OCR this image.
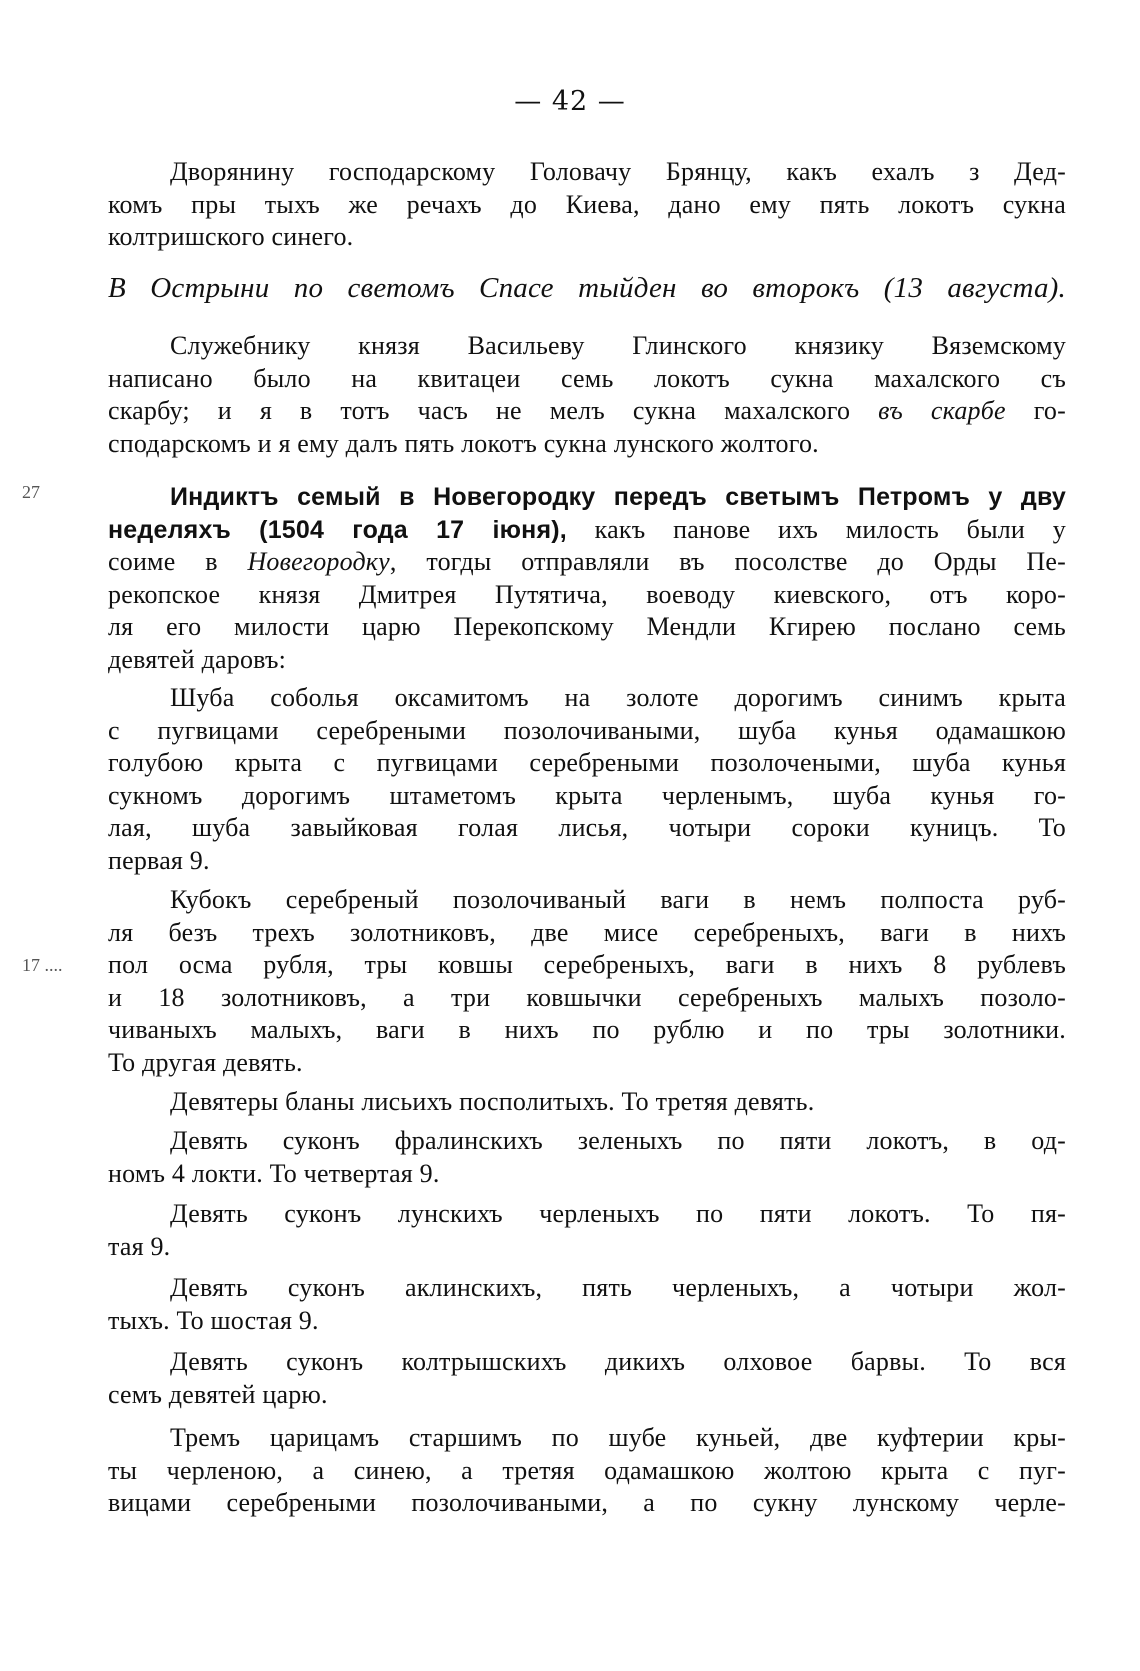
— 42 —
27
17 ....
Дворянину господарскому Головачу Брянцу, какъ ехалъ з Дед-
комъ пры тыхъ же речахъ до Киева, дано ему пять локотъ сукна
колтришского синего.
В Острыни по светомъ Спасе тыйден во второкъ (13 августа).
Служебнику князя Васильеву Глинского князику Вяземскому
написано было на квитацеи семь локотъ сукна махалского съ
скарбу; и я в тотъ часъ не мелъ сукна махалского въ скарбе го-
сподарскомъ и я ему далъ пять локотъ сукна лунского жолтого.
Индиктъ семый в Новегородку передъ светымъ Петромъ у дву
неделяхъ (1504 года 17 iюня), какъ панове ихъ милость были у
соиме в Новегородку, тогды отправляли въ посолстве до Орды Пе-
рекопское князя Дмитрея Путятича, воеводу киевского, отъ коро-
ля его милости царю Перекопскому Мендли Кгирею послано семь
девятей даровъ:
Шуба соболья оксамитомъ на золоте дорогимъ синимъ крыта
с пугвицами серебреными позолочиваными, шуба кунья одамашкою
голубою крыта с пугвицами серебреными позолочеными, шуба кунья
сукномъ дорогимъ штаметомъ крыта черленымъ, шуба кунья го-
лая, шуба завыйковая голая лисья, чотыри сороки куницъ. То
первая 9.
Кубокъ серебреный позолочиваный ваги в немъ полпоста руб-
ля безъ трехъ золотниковъ, две мисе серебреныхъ, ваги в нихъ
пол осма рубля, тры ковшы серебреныхъ, ваги в нихъ 8 рублевъ
и 18 золотниковъ, а три ковшычки серебреныхъ малыхъ позоло-
чиваныхъ малыхъ, ваги в нихъ по рублю и по тры золотники.
То другая девять.
Девятеры бланы лисьихъ посполитыхъ. То третяя девять.
Девять суконъ фралинскихъ зеленыхъ по пяти локотъ, в од-
номъ 4 локти. То четвертая 9.
Девять суконъ лунскихъ черленыхъ по пяти локотъ. То пя-
тая 9.
Девять суконъ аклинскихъ, пять черленыхъ, а чотыри жол-
тыхъ. То шостая 9.
Девять суконъ колтрышскихъ дикихъ олховое барвы. То вся
семъ девятей царю.
Тремъ царицамъ старшимъ по шубе куньей, две куфтерии кры-
ты черленою, а синею, а третяя одамашкою жолтою крыта с пуг-
вицами серебреными позолочиваными, а по сукну лунскому черле-
